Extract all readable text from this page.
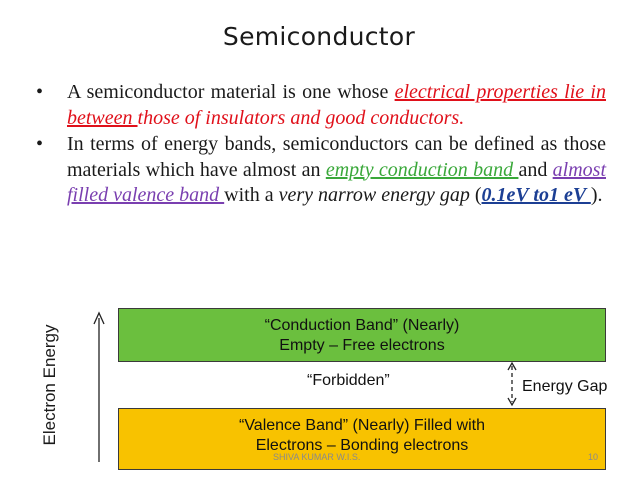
Semiconductor
• A semiconductor material is one whose electrical properties lie in between those of insulators and good conductors.
• In terms of energy bands, semiconductors can be defined as those materials which have almost an empty conduction band and almost filled valence band with a very narrow energy gap (0.1eV to1 eV ).
Electron Energy	“Conduction Band” (Nearly)
Empty – Free electrons
“Forbidden”	Energy Gap
“Valence Band” (Nearly) Filled with
Electrons – Bonding electrons
SHIVA KUMAR W.I.S.	10
